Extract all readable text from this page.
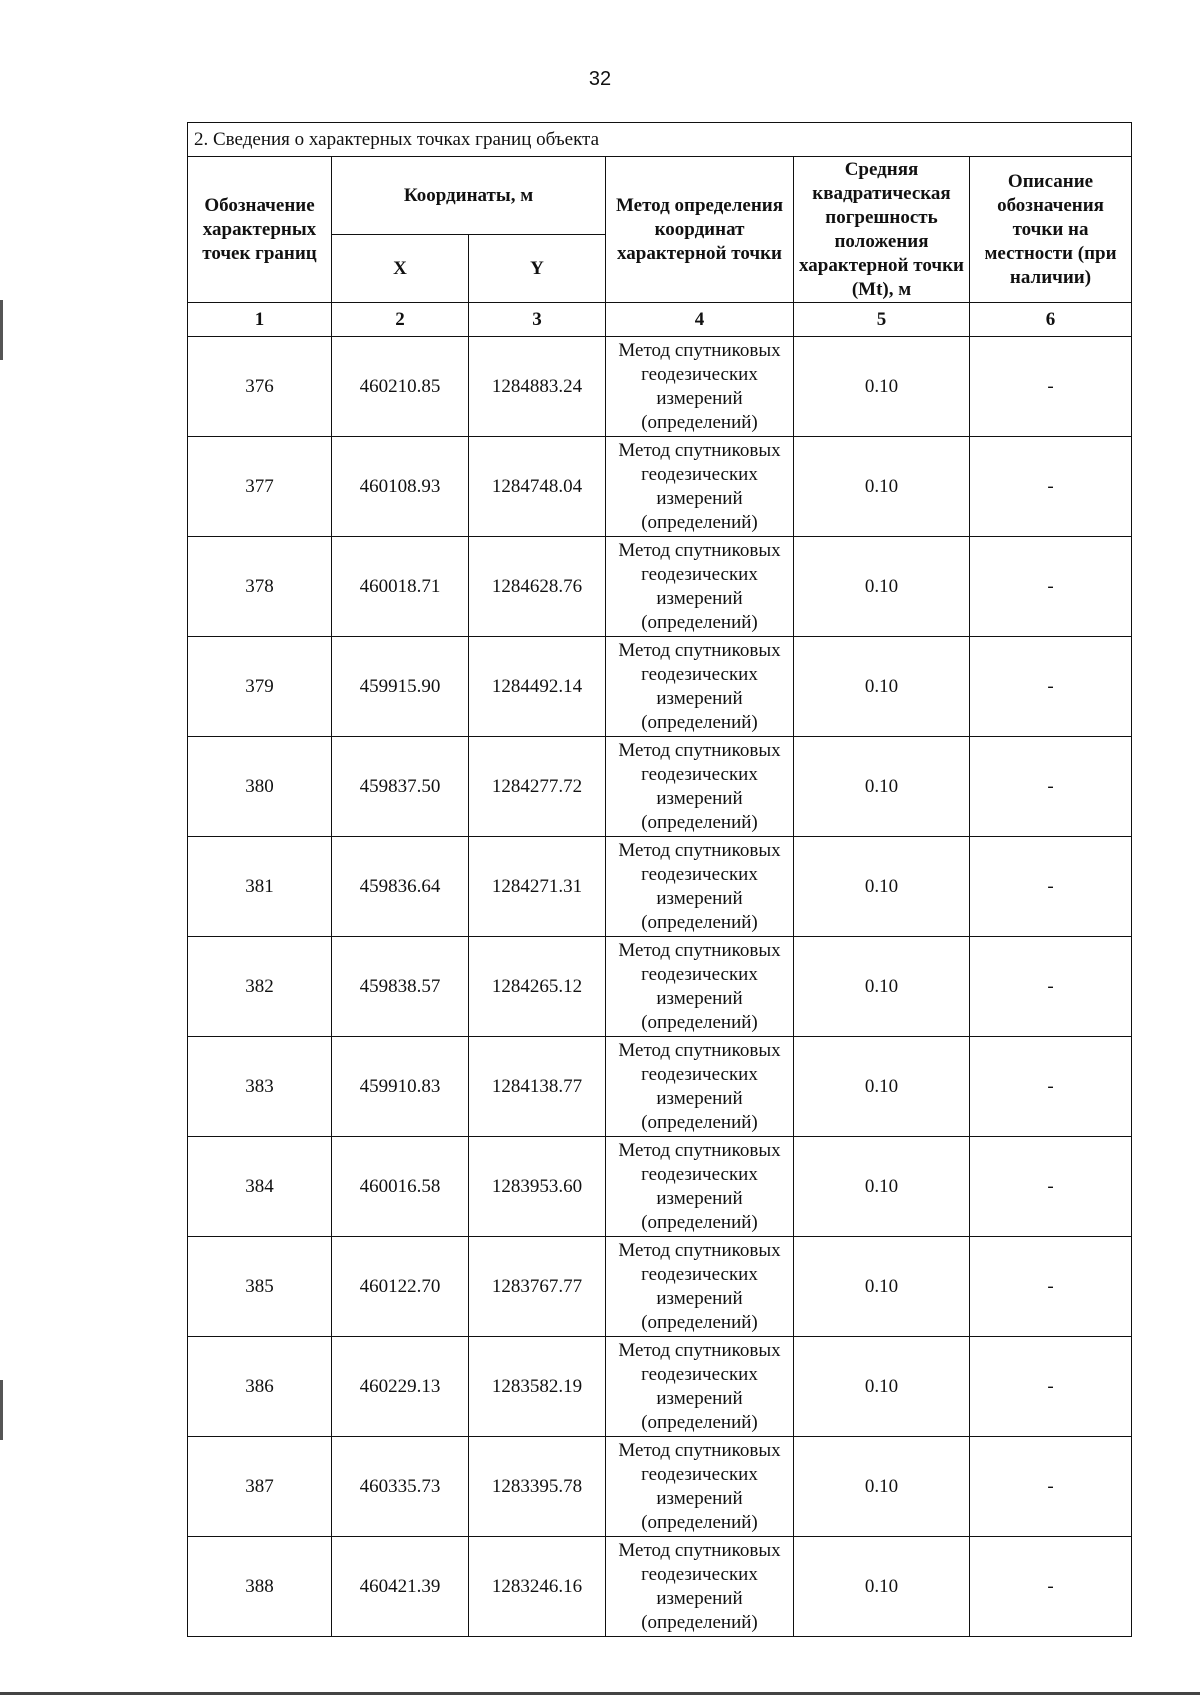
32
2. Сведения о характерных точках границ объекта					
Обозначение характерных точек границ	Координаты, м		Метод определения координат характерной точки	Средняя квадратическая погрешность положения характерной точки (Mt), м	Описание обозначения точки на местности (при наличии)
	X	Y			
1	2	3	4	5	6
376	460210.85	1284883.24	Метод спутниковых
геодезических
измерений
(определений)	0.10	-
377	460108.93	1284748.04	Метод спутниковых
геодезических
измерений
(определений)	0.10	-
378	460018.71	1284628.76	Метод спутниковых
геодезических
измерений
(определений)	0.10	-
379	459915.90	1284492.14	Метод спутниковых
геодезических
измерений
(определений)	0.10	-
380	459837.50	1284277.72	Метод спутниковых
геодезических
измерений
(определений)	0.10	-
381	459836.64	1284271.31	Метод спутниковых
геодезических
измерений
(определений)	0.10	-
382	459838.57	1284265.12	Метод спутниковых
геодезических
измерений
(определений)	0.10	-
383	459910.83	1284138.77	Метод спутниковых
геодезических
измерений
(определений)	0.10	-
384	460016.58	1283953.60	Метод спутниковых
геодезических
измерений
(определений)	0.10	-
385	460122.70	1283767.77	Метод спутниковых
геодезических
измерений
(определений)	0.10	-
386	460229.13	1283582.19	Метод спутниковых
геодезических
измерений
(определений)	0.10	-
387	460335.73	1283395.78	Метод спутниковых
геодезических
измерений
(определений)	0.10	-
388	460421.39	1283246.16	Метод спутниковых
геодезических
измерений
(определений)	0.10	-
